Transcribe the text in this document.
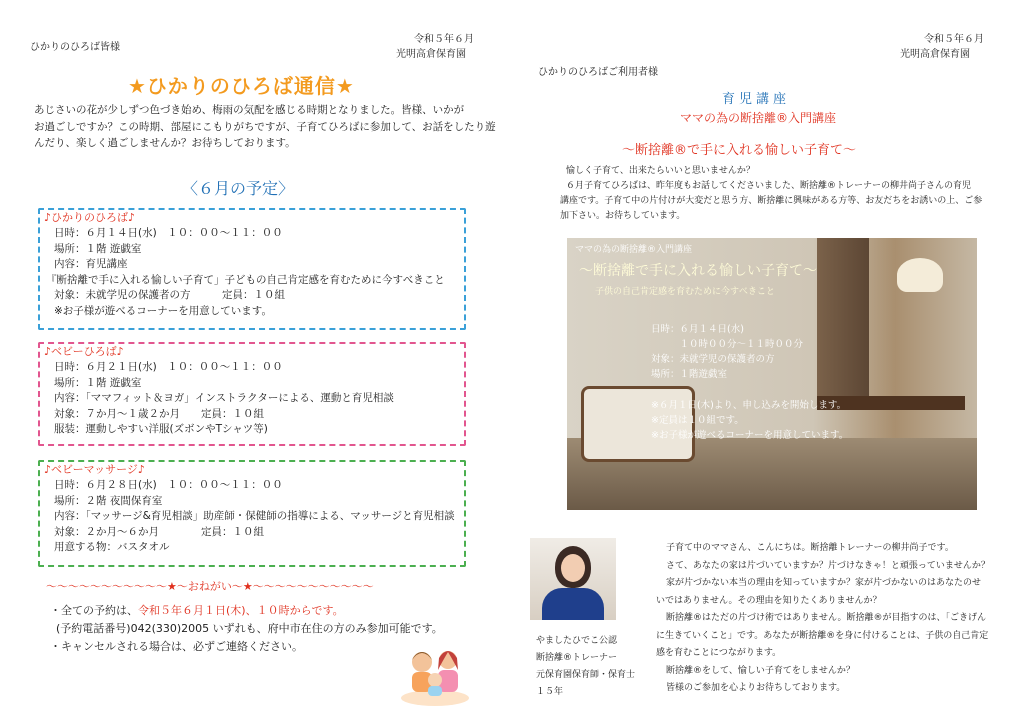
ひかりのひろば皆様
令和５年６月
光明高倉保育園
★ひかりのひろば通信★
あじさいの花が少しずつ色づき始め、梅雨の気配を感じる時期となりました。皆様、いかが
お過ごしですか？この時期、部屋にこもりがちですが、子育てひろばに参加して、お話をしたり遊
んだり、楽しく過ごしませんか？お待ちしております。
〈６月の予定〉
♪ひかりのひろば♪
日時：６月１４日(水)　１０：００～１１：００
場所：１階 遊戯室
内容：育児講座
『断捨離で手に入れる愉しい子育て」子どもの自己肯定感を育むために今すべきこと
対象：未就学児の保護者の方　　　定員：１０組
※お子様が遊べるコーナーを用意しています。
♪ベビーひろば♪
日時：６月２１日(水)　１０：００～１１：００
場所：１階 遊戯室
内容：「ママフィット＆ヨガ」インストラクターによる、運動と育児相談
対象：７か月～１歳２か月　　定員：１０組
服装：運動しやすい洋服(ズボンやTシャツ等)
♪ベビーマッサージ♪
日時：６月２８日(水)　１０：００～１１：００
場所：２階 夜間保育室
内容：「マッサージ&育児相談」助産師・保健師の指導による、マッサージと育児相談
対象：２か月～６か月　　　　定員：１０組
用意する物：バスタオル
～～～～～～～～～～～★～おねがい～★～～～～～～～～～～～
・全ての予約は、令和５年６月１日(木)、１０時からです。
(予約電話番号)042(330)2005 いずれも、府中市在住の方のみ参加可能です。
・キャンセルされる場合は、必ずご連絡ください。
令和５年６月
光明高倉保育園
ひかりのひろばご利用者様
育児講座
ママの為の断捨離®入門講座
～断捨離®で手に入れる愉しい子育て～
愉しく子育て、出来たらいいと思いませんか？
６月子育てひろばは、昨年度もお話してくださいました、断捨離®トレーナーの柳井尚子さんの育児
講座です。子育て中の片付けが大変だと思う方、断捨離に興味がある方等、お友だちをお誘いの上、ご参
加下さい。お待ちしています。
ママの為の断捨離®入門講座
～断捨離で手に入れる愉しい子育て～
子供の自己肯定感を育むために今すべきこと
日時：６月１４日(水)
　　　１０時００分～１１時００分
対象：未就学児の保護者の方
場所：１階遊戯室
※６月１日(木)より、申し込みを開始します。
※定員は１０組です。
※お子様が遊べるコーナーを用意しています。
やましたひでこ公認
断捨離®トレーナー
元保育園保育師・保育士
１５年
子育て中のママさん、こんにちは。断捨離トレーナーの柳井尚子です。
さて、あなたの家は片づいていますか？片づけなきゃ！と頑張っていませんか？
家が片づかない本当の理由を知っていますか？家が片づかないのはあなたのせ
いではありません。その理由を知りたくありませんか？
断捨離®はただの片づけ術ではありません。断捨離®が目指すのは、「ごきげん
に生きていくこと」です。あなたが断捨離®を身に付けることは、子供の自己肯定
感を育むことにつながります。
断捨離®をして、愉しい子育てをしませんか？
皆様のご参加を心よりお待ちしております。
